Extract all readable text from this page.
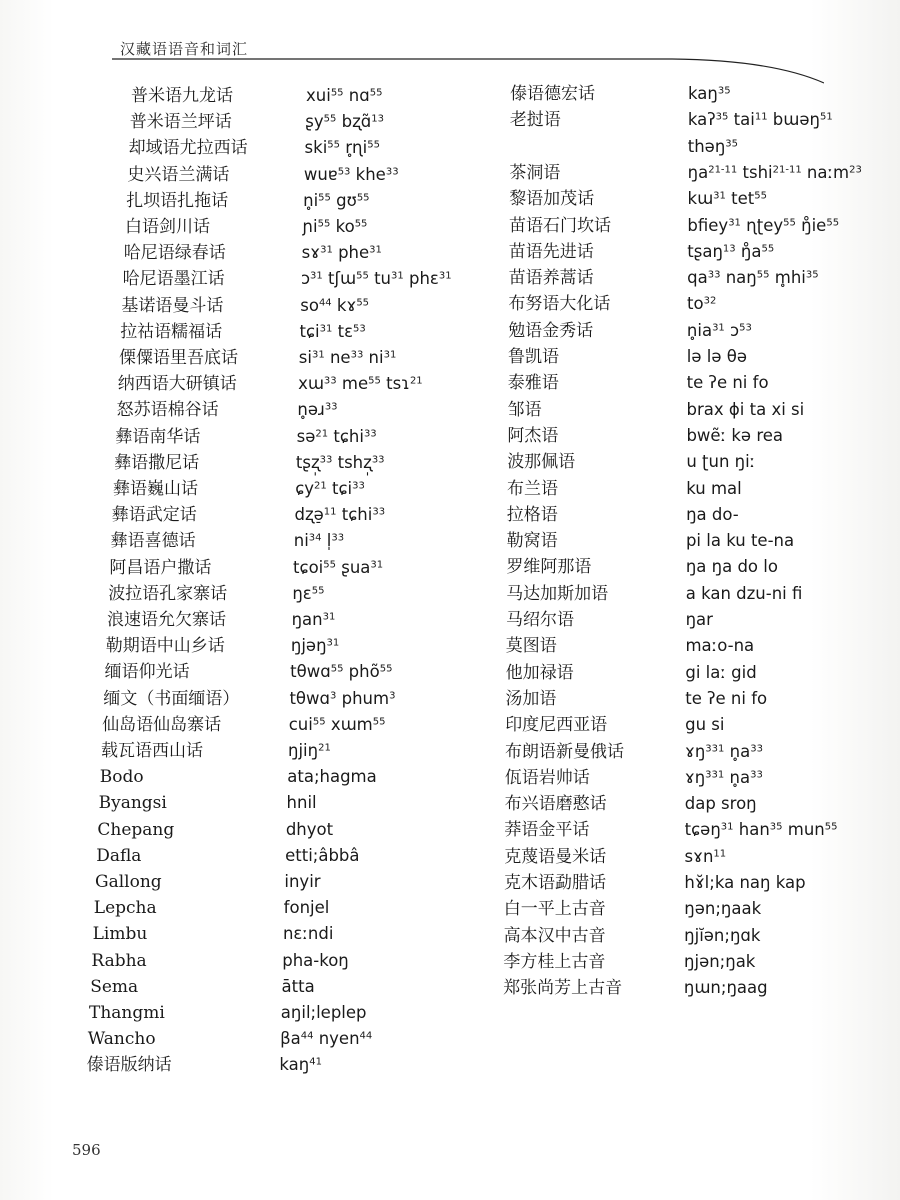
汉藏语语音和词汇
普米语九龙话	xui$^{55}$ nɑ$^{55}$
普米语兰坪话	ʂy$^{55}$ bʐɑ̃$^{13}$
却域语尤拉西话	ski$^{55}$ r̥ɳi$^{55}$
史兴语兰满话	wuɐ$^{53}$ khe$^{33}$
扎坝语扎拖话	$n̥i^{55}$ gʊ$^{55}$
白语剑川话	ɲi$^{55}$ $ko^{55}$
哈尼语绿春话	sɤ$^{31}$ phe$^{31}$
哈尼语墨江话	ɔ$^{31}$ tʃɯ$^{55}$ $tu^{31}$ phɛ$^{31}$
基诺语曼斗话	$so^{44}$ kɤ$^{55}$
拉祜语糯福话	tɕi$^{31}$ tɛ$^{53}$
傈僳语里吾底话	$si^{31}$ $ne^{33}$ $ni^{31}$
纳西语大研镇话	xɯ$^{33}$ $me^{55}$ tsɿ$^{21}$
怒苏语棉谷话	n̥əɹ$^{33}$
彝语南华话	sə$^{21}$ tɕhi$^{33}$
彝语撒尼话	tʂʐ̩$^{33}$ tshʐ̩$^{33}$
彝语巍山话	ɕy$^{21}$ tɕi$^{33}$
彝语武定话	dʐə̠$^{11}$ tɕhi$^{33}$
彝语喜德话	$ni^{34}$ l̩$^{33}$
阿昌语户撒话	tɕoi$^{55}$ ʂua$^{31}$
波拉语孔家寨话	ŋɛ$^{55}$
浪速语允欠寨话	ŋan$^{31}$
勒期语中山乡话	ŋjəŋ$^{31}$
缅语仰光话	tθwɑ$^{55}$ phõ$^{55}$
缅文（书面缅语）	tθwɑ$^3$ phum$^3$
仙岛语仙岛寨话	cui$^{55}$ xɯm$^{55}$
载瓦语西山话	ŋjiŋ$^{21}$
Bodo	ata;hagma
Byangsi	hnil
Chepang	dhyot
Dafla	etti;âbbâ
Gallong	inyir
Lepcha	fonjel
Limbu	nɛːndi
Rabha	pha-koŋ
Sema	ātta
Thangmi	aŋil;leplep
Wancho	$\beta a^{44}$ nyen$^{44}$
傣语版纳话	kaŋ$^{41}$
傣语德宏话	kaŋ$^{35}$
老挝语	kaʔ$^{35}$ tai$^{11}$ bɯəŋ$^{51}$
thəŋ$^{35}$
茶洞语	$ŋa^{21-11}$ tshi$^{21-11}$ naːm$^{23}$
黎语加茂话	kɯ$^{31}$ tet$^{55}$
苗语石门坎话	bfiey$^{31}$ ɳʈey$^{55}$ $ŋ̊ie^{55}$
苗语先进话	tʂaŋ$^{13}$ $ŋ̊a^{55}$
苗语养蒿话	$qa^{33}$ naŋ$^{55}$ $m̥hi^{35}$
布努语大化话	$to^{32}$
勉语金秀话	$n̥ia^{31}$ ɔ$^{53}$
鲁凯语	lə lə θə
泰雅语	te ʔe ni fo
邹语	brax ɸi ta xi si
阿杰语	bwẽː kə rea
波那佩语	u ʈun ŋiː
布兰语	ku mal
拉格语	ŋa do-
勒窝语	pi la ku te-na
罗维阿那语	ŋa ŋa do lo
马达加斯加语	a kan dzu-ni fi
马绍尔语	ŋar
莫图语	maːo-na
他加禄语	gi laː gid
汤加语	te ʔe ni fo
印度尼西亚语	gu si
布朗语新曼俄话	ɤŋ$^{331}$ $n̥a^{33}$
佤语岩帅话	ɤŋ$^{331}$ $n̥a^{33}$
布兴语磨憨话	dap sroŋ
莽语金平话	tɕəŋ$^{31}$ han$^{35}$ mun$^{55}$
克蔑语曼米话	sɤn$^{11}$
克木语勐腊话	hɤ̆l;ka naŋ kap
白一平上古音	ŋən;ŋaak
高本汉中古音	ŋjĭən;ŋɑk
李方桂上古音	ŋjən;ŋak
郑张尚芳上古音	ŋɯn;ŋaag
596
